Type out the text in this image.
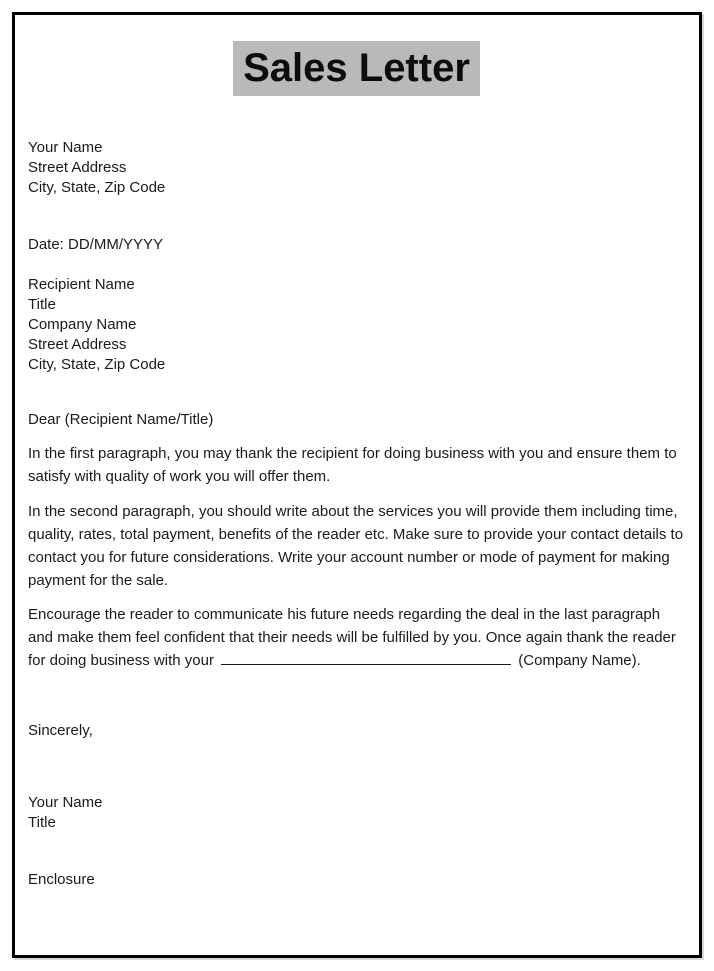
Sales Letter
Your Name
Street Address
City, State, Zip Code
Date: DD/MM/YYYY
Recipient Name
Title
Company Name
Street Address
City, State, Zip Code

Dear (Recipient Name/Title)

In the first paragraph, you may thank the recipient for doing business with you and ensure them to satisfy with quality of work you will offer them.

In the second paragraph, you should write about the services you will provide them including time, quality, rates, total payment, benefits of the reader etc. Make sure to provide your contact details to contact you for future considerations. Write your account number or mode of payment for making payment for the sale.

Encourage the reader to communicate his future needs regarding the deal in the last paragraph and make them feel confident that their needs will be fulfilled by you. Once again thank the reader for doing business with your	(Company Name).

Sincerely,
Your Name
Title
Enclosure
